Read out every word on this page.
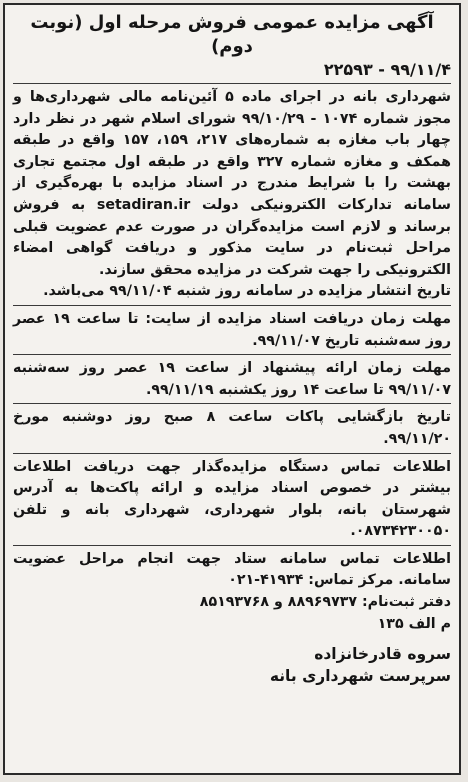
آگهی مزایده عمومی فروش مرحله اول (نوبت دوم)

۹۹/۱۱/۴ - ۲۲۵۹۳

شهرداری بانه در اجرای ماده ۵ آئین‌نامه مالی شهرداری‌ها و مجوز شماره ۱۰۷۴ - ۹۹/۱۰/۲۹ شورای اسلام شهر در نظر دارد چهار باب مغازه به شماره‌های ۲۱۷، ۱۵۹، ۱۵۷ واقع در طبقه همکف و مغازه شماره ۳۲۷ واقع در طبقه اول مجتمع تجاری بهشت را با شرایط مندرج در اسناد مزایده با بهره‌گیری از سامانه تدارکات الکترونیکی دولت setadiran.ir به فروش برساند و لازم است مزایده‌گران در صورت عدم عضویت قبلی مراحل ثبت‌نام در سایت مذکور و دریافت گواهی امضاء الکترونیکی را جهت شرکت در مزایده محقق سازند.

تاریخ انتشار مزایده در سامانه روز شنبه ۹۹/۱۱/۰۴ می‌باشد.

مهلت زمان دریافت اسناد مزایده از سایت: تا ساعت ۱۹ عصر روز سه‌شنبه تاریخ ۹۹/۱۱/۰۷.

مهلت زمان ارائه پیشنهاد از ساعت ۱۹ عصر روز سه‌شنبه ۹۹/۱۱/۰۷ تا ساعت ۱۴ روز یکشنبه ۹۹/۱۱/۱۹.

تاریخ بازگشایی پاکات ساعت ۸ صبح روز دوشنبه مورخ ۹۹/۱۱/۲۰.

اطلاعات تماس دستگاه مزایده‌گذار جهت دریافت اطلاعات بیشتر در خصوص اسناد مزایده و ارائه پاکت‌ها به آدرس شهرستان بانه، بلوار شهرداری، شهرداری بانه و تلفن ۰۸۷۳۴۲۳۰۰۵۰.

اطلاعات تماس سامانه ستاد جهت انجام مراحل عضویت سامانه. مرکز تماس: ۴۱۹۳۴-۰۲۱

دفتر ثبت‌نام: ۸۸۹۶۹۷۳۷ و ۸۵۱۹۳۷۶۸

م الف ۱۳۵

سروه قادرخانزاده

سرپرست شهرداری بانه
